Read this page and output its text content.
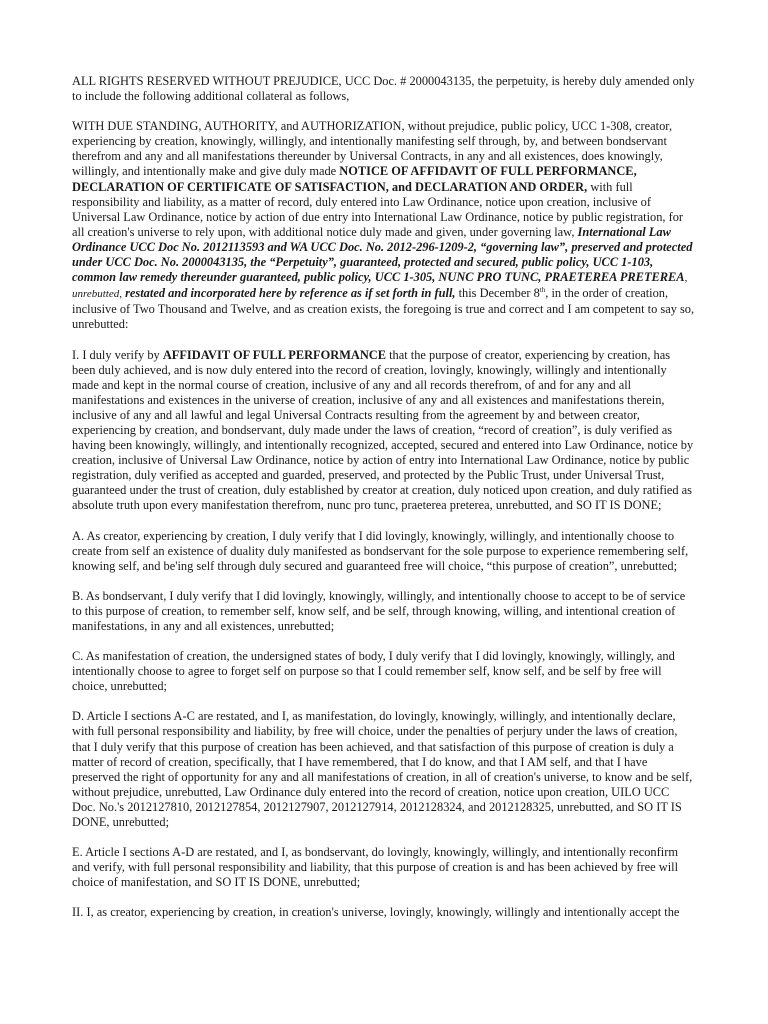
ALL RIGHTS RESERVED WITHOUT PREJUDICE, UCC Doc. # 2000043135, the perpetuity, is hereby duly amended only to include the following additional collateral as follows,

WITH DUE STANDING, AUTHORITY, and AUTHORIZATION, without prejudice, public policy, UCC 1-308, creator, experiencing by creation, knowingly, willingly, and intentionally manifesting self through, by, and between bondservant therefrom and any and all manifestations thereunder by Universal Contracts, in any and all existences, does knowingly, willingly, and intentionally make and give duly made NOTICE OF AFFIDAVIT OF FULL PERFORMANCE, DECLARATION OF CERTIFICATE OF SATISFACTION, and DECLARATION AND ORDER, with full responsibility and liability, as a matter of record, duly entered into Law Ordinance, notice upon creation, inclusive of Universal Law Ordinance, notice by action of due entry into International Law Ordinance, notice by public registration, for all creation's universe to rely upon, with additional notice duly made and given, under governing law, International Law Ordinance UCC Doc No. 2012113593 and WA UCC Doc. No. 2012-296-1209-2, “governing law”, preserved and protected under UCC Doc. No. 2000043135, the “Perpetuity”, guaranteed, protected and secured, public policy, UCC 1-103, common law remedy thereunder guaranteed, public policy, UCC 1-305, NUNC PRO TUNC, PRAETEREA PRETEREA, unrebutted, restated and incorporated here by reference as if set forth in full, this December 8th, in the order of creation, inclusive of Two Thousand and Twelve, and as creation exists, the foregoing is true and correct and I am competent to say so, unrebutted:

I. I duly verify by AFFIDAVIT OF FULL PERFORMANCE that the purpose of creator, experiencing by creation, has been duly achieved, and is now duly entered into the record of creation, lovingly, knowingly, willingly and intentionally made and kept in the normal course of creation, inclusive of any and all records therefrom, of and for any and all manifestations and existences in the universe of creation, inclusive of any and all existences and manifestations therein, inclusive of any and all lawful and legal Universal Contracts resulting from the agreement by and between creator, experiencing by creation, and bondservant, duly made under the laws of creation, “record of creation”, is duly verified as having been knowingly, willingly, and intentionally recognized, accepted, secured and entered into Law Ordinance, notice by creation, inclusive of Universal Law Ordinance, notice by action of entry into International Law Ordinance, notice by public registration, duly verified as accepted and guarded, preserved, and protected by the Public Trust, under Universal Trust, guaranteed under the trust of creation, duly established by creator at creation, duly noticed upon creation, and duly ratified as absolute truth upon every manifestation therefrom, nunc pro tunc, praeterea preterea, unrebutted, and SO IT IS DONE;

A. As creator, experiencing by creation, I duly verify that I did lovingly, knowingly, willingly, and intentionally choose to create from self an existence of duality duly manifested as bondservant for the sole purpose to experience remembering self, knowing self, and be'ing self through duly secured and guaranteed free will choice, “this purpose of creation”, unrebutted;

B. As bondservant, I duly verify that I did lovingly, knowingly, willingly, and intentionally choose to accept to be of service to this purpose of creation, to remember self, know self, and be self, through knowing, willing, and intentional creation of manifestations, in any and all existences, unrebutted;

C. As manifestation of creation, the undersigned states of body, I duly verify that I did lovingly, knowingly, willingly, and intentionally choose to agree to forget self on purpose so that I could remember self, know self, and be self by free will choice, unrebutted;

D. Article I sections A-C are restated, and I, as manifestation, do lovingly, knowingly, willingly, and intentionally declare, with full personal responsibility and liability, by free will choice, under the penalties of perjury under the laws of creation, that I duly verify that this purpose of creation has been achieved, and that satisfaction of this purpose of creation is duly a matter of record of creation, specifically, that I have remembered, that I do know, and that I AM self, and that I have preserved the right of opportunity for any and all manifestations of creation, in all of creation's universe, to know and be self, without prejudice, unrebutted, Law Ordinance duly entered into the record of creation, notice upon creation, UILO UCC Doc. No.'s 2012127810, 2012127854, 2012127907, 2012127914, 2012128324, and 2012128325, unrebutted, and SO IT IS DONE, unrebutted;

E. Article I sections A-D are restated, and I, as bondservant, do lovingly, knowingly, willingly, and intentionally reconfirm and verify, with full personal responsibility and liability, that this purpose of creation is and has been achieved by free will choice of manifestation, and SO IT IS DONE, unrebutted;

II. I, as creator, experiencing by creation, in creation's universe, lovingly, knowingly, willingly and intentionally accept the
